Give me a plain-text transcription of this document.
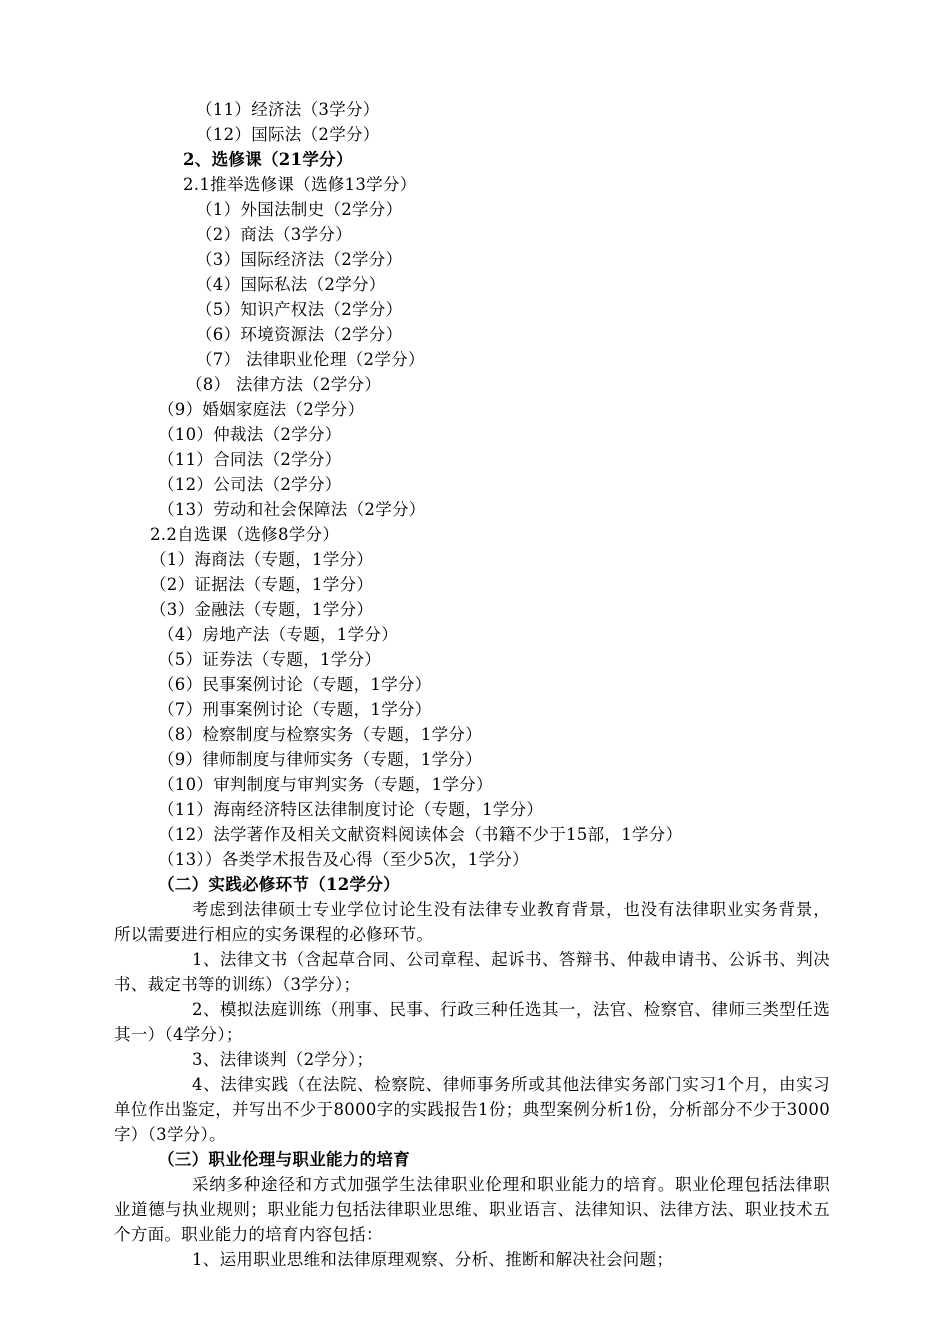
（11）经济法（3学分）
（12）国际法（2学分）
2、选修课（21学分）
2.1推举选修课（选修13学分）
（1）外国法制史（2学分）
（2）商法（3学分）
（3）国际经济法（2学分）
（4）国际私法（2学分）
（5）知识产权法（2学分）
（6）环境资源法（2学分）
（7） 法律职业伦理（2学分）
（8） 法律方法（2学分）
（9）婚姻家庭法（2学分）
（10）仲裁法（2学分）
（11）合同法（2学分）
（12）公司法（2学分）
（13）劳动和社会保障法（2学分）
2.2自选课（选修8学分）
（1）海商法（专题，1学分）
（2）证据法（专题，1学分）
（3）金融法（专题，1学分）
（4）房地产法（专题，1学分）
（5）证券法（专题，1学分）
（6）民事案例讨论（专题，1学分）
（7）刑事案例讨论（专题，1学分）
（8）检察制度与检察实务（专题，1学分）
（9）律师制度与律师实务（专题，1学分）
（10）审判制度与审判实务（专题，1学分）
（11）海南经济特区法律制度讨论（专题，1学分）
（12）法学著作及相关文献资料阅读体会（书籍不少于15部，1学分）
（13））各类学术报告及心得（至少5次，1学分）
（二）实践必修环节（12学分）
考虑到法律硕士专业学位讨论生没有法律专业教育背景，也没有法律职业实务背景，所以需要进行相应的实务课程的必修环节。
1、法律文书（含起草合同、公司章程、起诉书、答辩书、仲裁申请书、公诉书、判决书、裁定书等的训练）（3学分）；
2、模拟法庭训练（刑事、民事、行政三种任选其一，法官、检察官、律师三类型任选其一）（4学分）；
3、法律谈判（2学分）；
4、法律实践（在法院、检察院、律师事务所或其他法律实务部门实习1个月，由实习单位作出鉴定，并写出不少于8000字的实践报告1份；典型案例分析1份，分析部分不少于3000字）（3学分）。
（三）职业伦理与职业能力的培育
采纳多种途径和方式加强学生法律职业伦理和职业能力的培育。职业伦理包括法律职业道德与执业规则；职业能力包括法律职业思维、职业语言、法律知识、法律方法、职业技术五个方面。职业能力的培育内容包括：
1、运用职业思维和法律原理观察、分析、推断和解决社会问题；
